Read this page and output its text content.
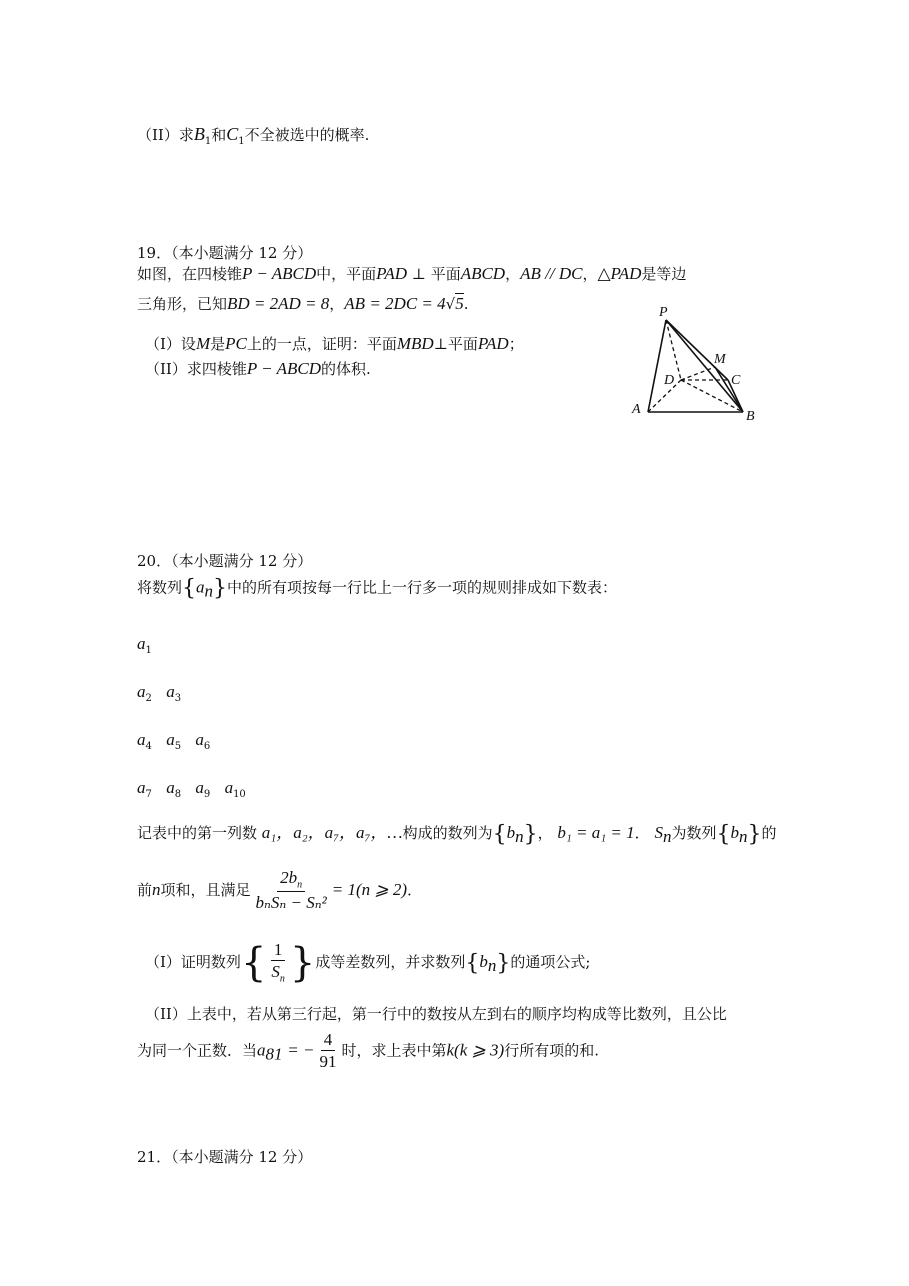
（II）求$B_1$和$C_1$不全被选中的概率.
19．（本小题满分 12 分）
如图，在四棱锥P − ABCD中，平面PAD ⊥ 平面ABCD，AB // DC，△PAD是等边
三角形，已知BD = 2AD = 8，AB = 2DC = 4√5.
（I）设M是PC上的一点，证明：平面MBD⊥平面PAD；
（II）求四棱锥P − ABCD的体积.
P
M
D	C
A	B
20．（本小题满分 12 分）
将数列$\{a_n\}$中的所有项按每一行比上一行多一项的规则排成如下数表：
$a_1$
$a_2$ $a_3$
$a_4$ $a_5$ $a_6$
$a_7$ $a_8$ $a_9$ $a_{10}$
记表中的第一列数 a₁，a₂，a₇，a₇，…构成的数列为$\{b_n\}$， b₁ = a₁ = 1． $S_n$为数列$\{b_n\}$的
前n项和，且满足 $\frac{2b_n}{\text{bₙSₙ − Sₙ²}} = 1(n$ ⩾ 2)．
（I）证明数列{ $\frac{1}{S_n}$ }成等差数列，并求数列$\{b_n\}$的通项公式;
（II）上表中，若从第三行起，第一行中的数按从左到右的顺序均构成等比数列，且公比
为同一个正数．当$a_{81}$ = − $\frac{4}{91}$ 时，求上表中第k(k ⩾ 3)行所有项的和.
21．（本小题满分 12 分）
